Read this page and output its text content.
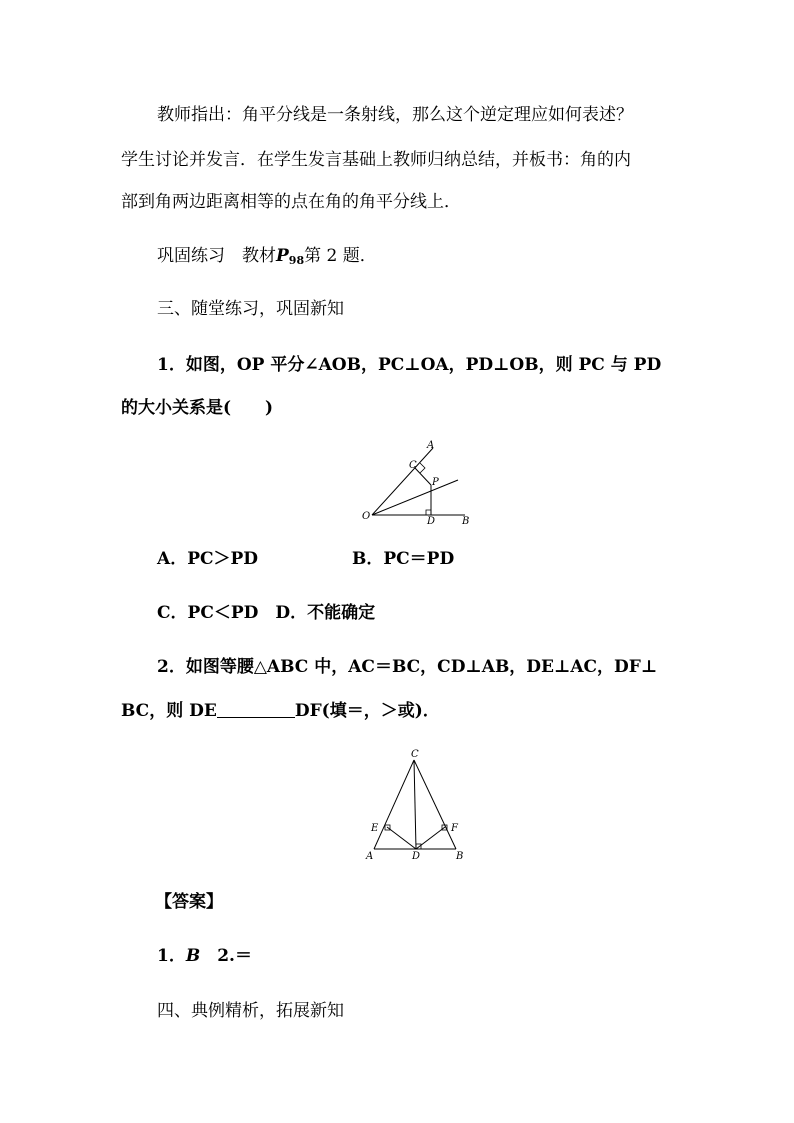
教师指出：角平分线是一条射线，那么这个逆定理应如何表述？
学生讨论并发言．在学生发言基础上教师归纳总结，并板书：角的内
部到角两边距离相等的点在角的角平分线上．
巩固练习　教材$P_{98}$第 2 题．
三、随堂练习，巩固新知
1．如图，OP 平分∠AOB，PC⊥OA，PD⊥OB，则 PC 与 PD
的大小关系是(　　)
A
C
P
O	D	B
A．PC＞PD	B．PC＝PD
C．PC＜PD　D．不能确定
2．如图等腰△ABC 中，AC＝BC，CD⊥AB，DE⊥AC，DF⊥
BC，则 DE	DF(填＝，＞或)．
C
E	F
A	D	B
【答案】
1．B　2.＝
四、典例精析，拓展新知
